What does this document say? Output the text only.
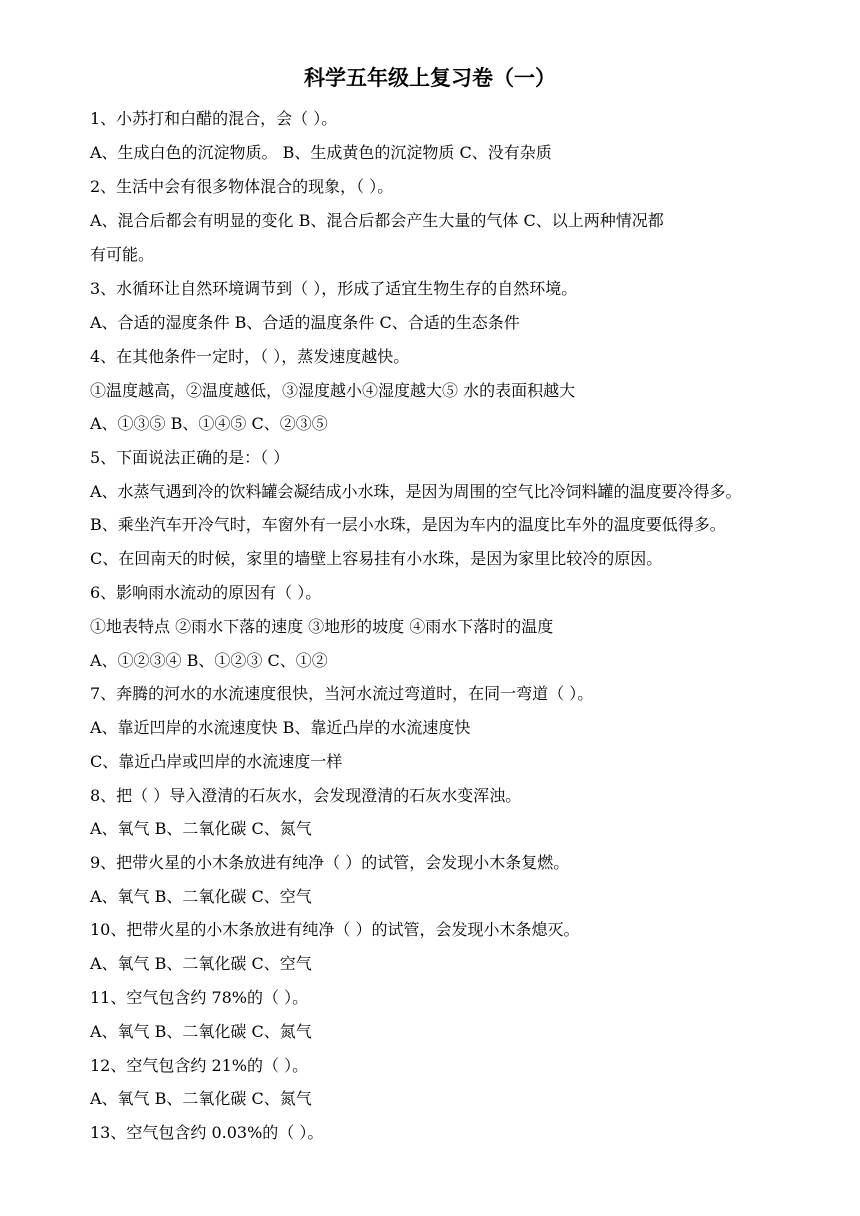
科学五年级上复习卷（一）
1、小苏打和白醋的混合，会（ ）。
A、生成白色的沉淀物质。 B、生成黄色的沉淀物质 C、没有杂质
2、生活中会有很多物体混合的现象，（ ）。
A、混合后都会有明显的变化 B、混合后都会产生大量的气体 C、以上两种情况都
有可能。
3、水循环让自然环境调节到（ ），形成了适宜生物生存的自然环境。
A、合适的湿度条件 B、合适的温度条件 C、合适的生态条件
4、在其他条件一定时，（ ），蒸发速度越快。
①温度越高，②温度越低，③湿度越小④湿度越大⑤ 水的表面积越大
A、①③⑤ B、①④⑤ C、②③⑤
5、下面说法正确的是：（ ）
A、水蒸气遇到冷的饮料罐会凝结成小水珠，是因为周围的空气比冷饲料罐的温度要冷得多。
B、乘坐汽车开冷气时，车窗外有一层小水珠，是因为车内的温度比车外的温度要低得多。
C、在回南天的时候，家里的墙壁上容易挂有小水珠，是因为家里比较冷的原因。
6、影响雨水流动的原因有（ ）。
①地表特点 ②雨水下落的速度 ③地形的坡度 ④雨水下落时的温度
A、①②③④ B、①②③ C、①②
7、奔腾的河水的水流速度很快，当河水流过弯道时，在同一弯道（ ）。
A、靠近凹岸的水流速度快 B、靠近凸岸的水流速度快
C、靠近凸岸或凹岸的水流速度一样
8、把（ ）导入澄清的石灰水，会发现澄清的石灰水变浑浊。
A、氧气 B、二氧化碳 C、氮气
9、把带火星的小木条放进有纯净（ ）的试管，会发现小木条复燃。
A、氧气 B、二氧化碳 C、空气
10、把带火星的小木条放进有纯净（ ）的试管，会发现小木条熄灭。
A、氧气 B、二氧化碳 C、空气
11、空气包含约 78%的（ ）。
A、氧气 B、二氧化碳 C、氮气
12、空气包含约 21%的（ ）。
A、氧气 B、二氧化碳 C、氮气
13、空气包含约 0.03%的（ ）。
